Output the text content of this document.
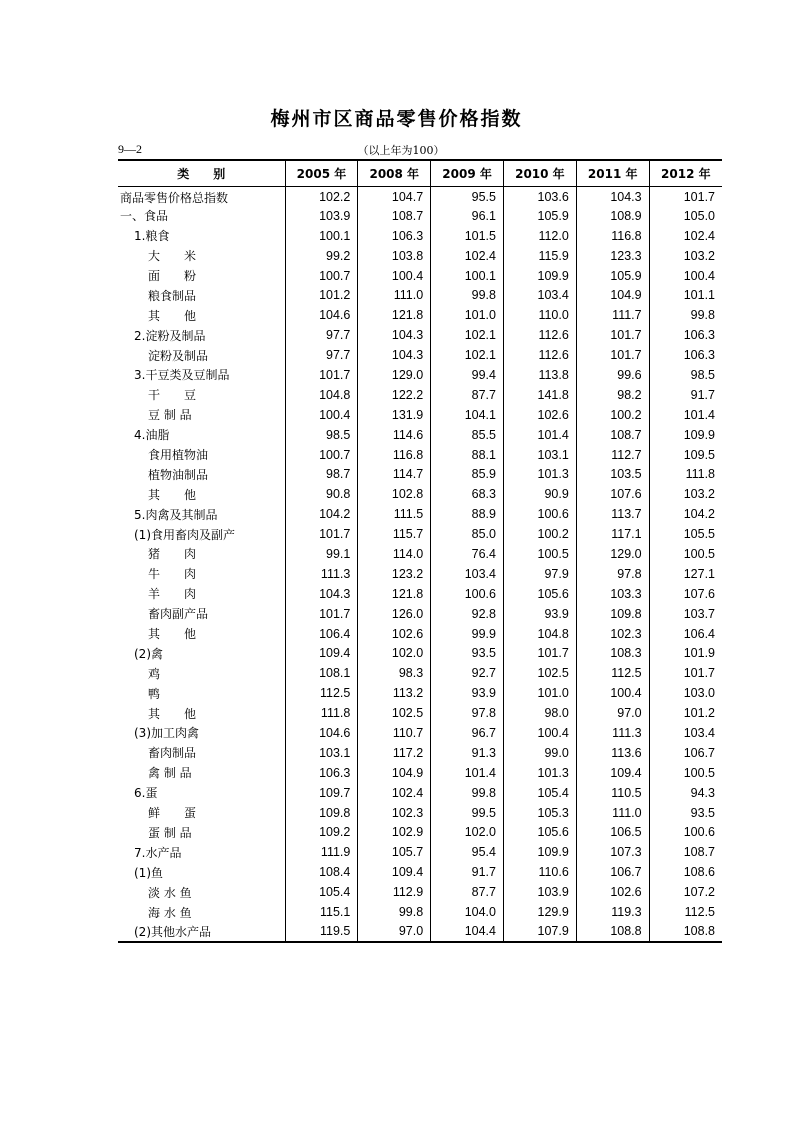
梅州市区商品零售价格指数
9—2	（以上年为100）
类　　别	2005 年	2008 年	2009 年	2010 年	2011 年	2012 年
商品零售价格总指数	102.2	104.7	95.5	103.6	104.3	101.7
一、食品	103.9	108.7	96.1	105.9	108.9	105.0
1.粮食	100.1	106.3	101.5	112.0	116.8	102.4
大　　米	99.2	103.8	102.4	115.9	123.3	103.2
面　　粉	100.7	100.4	100.1	109.9	105.9	100.4
粮食制品	101.2	111.0	99.8	103.4	104.9	101.1
其　　他	104.6	121.8	101.0	110.0	111.7	99.8
2.淀粉及制品	97.7	104.3	102.1	112.6	101.7	106.3
淀粉及制品	97.7	104.3	102.1	112.6	101.7	106.3
3.干豆类及豆制品	101.7	129.0	99.4	113.8	99.6	98.5
干　　豆	104.8	122.2	87.7	141.8	98.2	91.7
豆 制 品	100.4	131.9	104.1	102.6	100.2	101.4
4.油脂	98.5	114.6	85.5	101.4	108.7	109.9
食用植物油	100.7	116.8	88.1	103.1	112.7	109.5
植物油制品	98.7	114.7	85.9	101.3	103.5	111.8
其　　他	90.8	102.8	68.3	90.9	107.6	103.2
5.肉禽及其制品	104.2	111.5	88.9	100.6	113.7	104.2
(1)食用畜肉及副产	101.7	115.7	85.0	100.2	117.1	105.5
猪　　肉	99.1	114.0	76.4	100.5	129.0	100.5
牛　　肉	111.3	123.2	103.4	97.9	97.8	127.1
羊　　肉	104.3	121.8	100.6	105.6	103.3	107.6
畜肉副产品	101.7	126.0	92.8	93.9	109.8	103.7
其　　他	106.4	102.6	99.9	104.8	102.3	106.4
(2)禽	109.4	102.0	93.5	101.7	108.3	101.9
鸡	108.1	98.3	92.7	102.5	112.5	101.7
鸭	112.5	113.2	93.9	101.0	100.4	103.0
其　　他	111.8	102.5	97.8	98.0	97.0	101.2
(3)加工肉禽	104.6	110.7	96.7	100.4	111.3	103.4
畜肉制品	103.1	117.2	91.3	99.0	113.6	106.7
禽 制 品	106.3	104.9	101.4	101.3	109.4	100.5
6.蛋	109.7	102.4	99.8	105.4	110.5	94.3
鲜　　蛋	109.8	102.3	99.5	105.3	111.0	93.5
蛋 制 品	109.2	102.9	102.0	105.6	106.5	100.6
7.水产品	111.9	105.7	95.4	109.9	107.3	108.7
(1)鱼	108.4	109.4	91.7	110.6	106.7	108.6
淡 水 鱼	105.4	112.9	87.7	103.9	102.6	107.2
海 水 鱼	115.1	99.8	104.0	129.9	119.3	112.5
(2)其他水产品	119.5	97.0	104.4	107.9	108.8	108.8
